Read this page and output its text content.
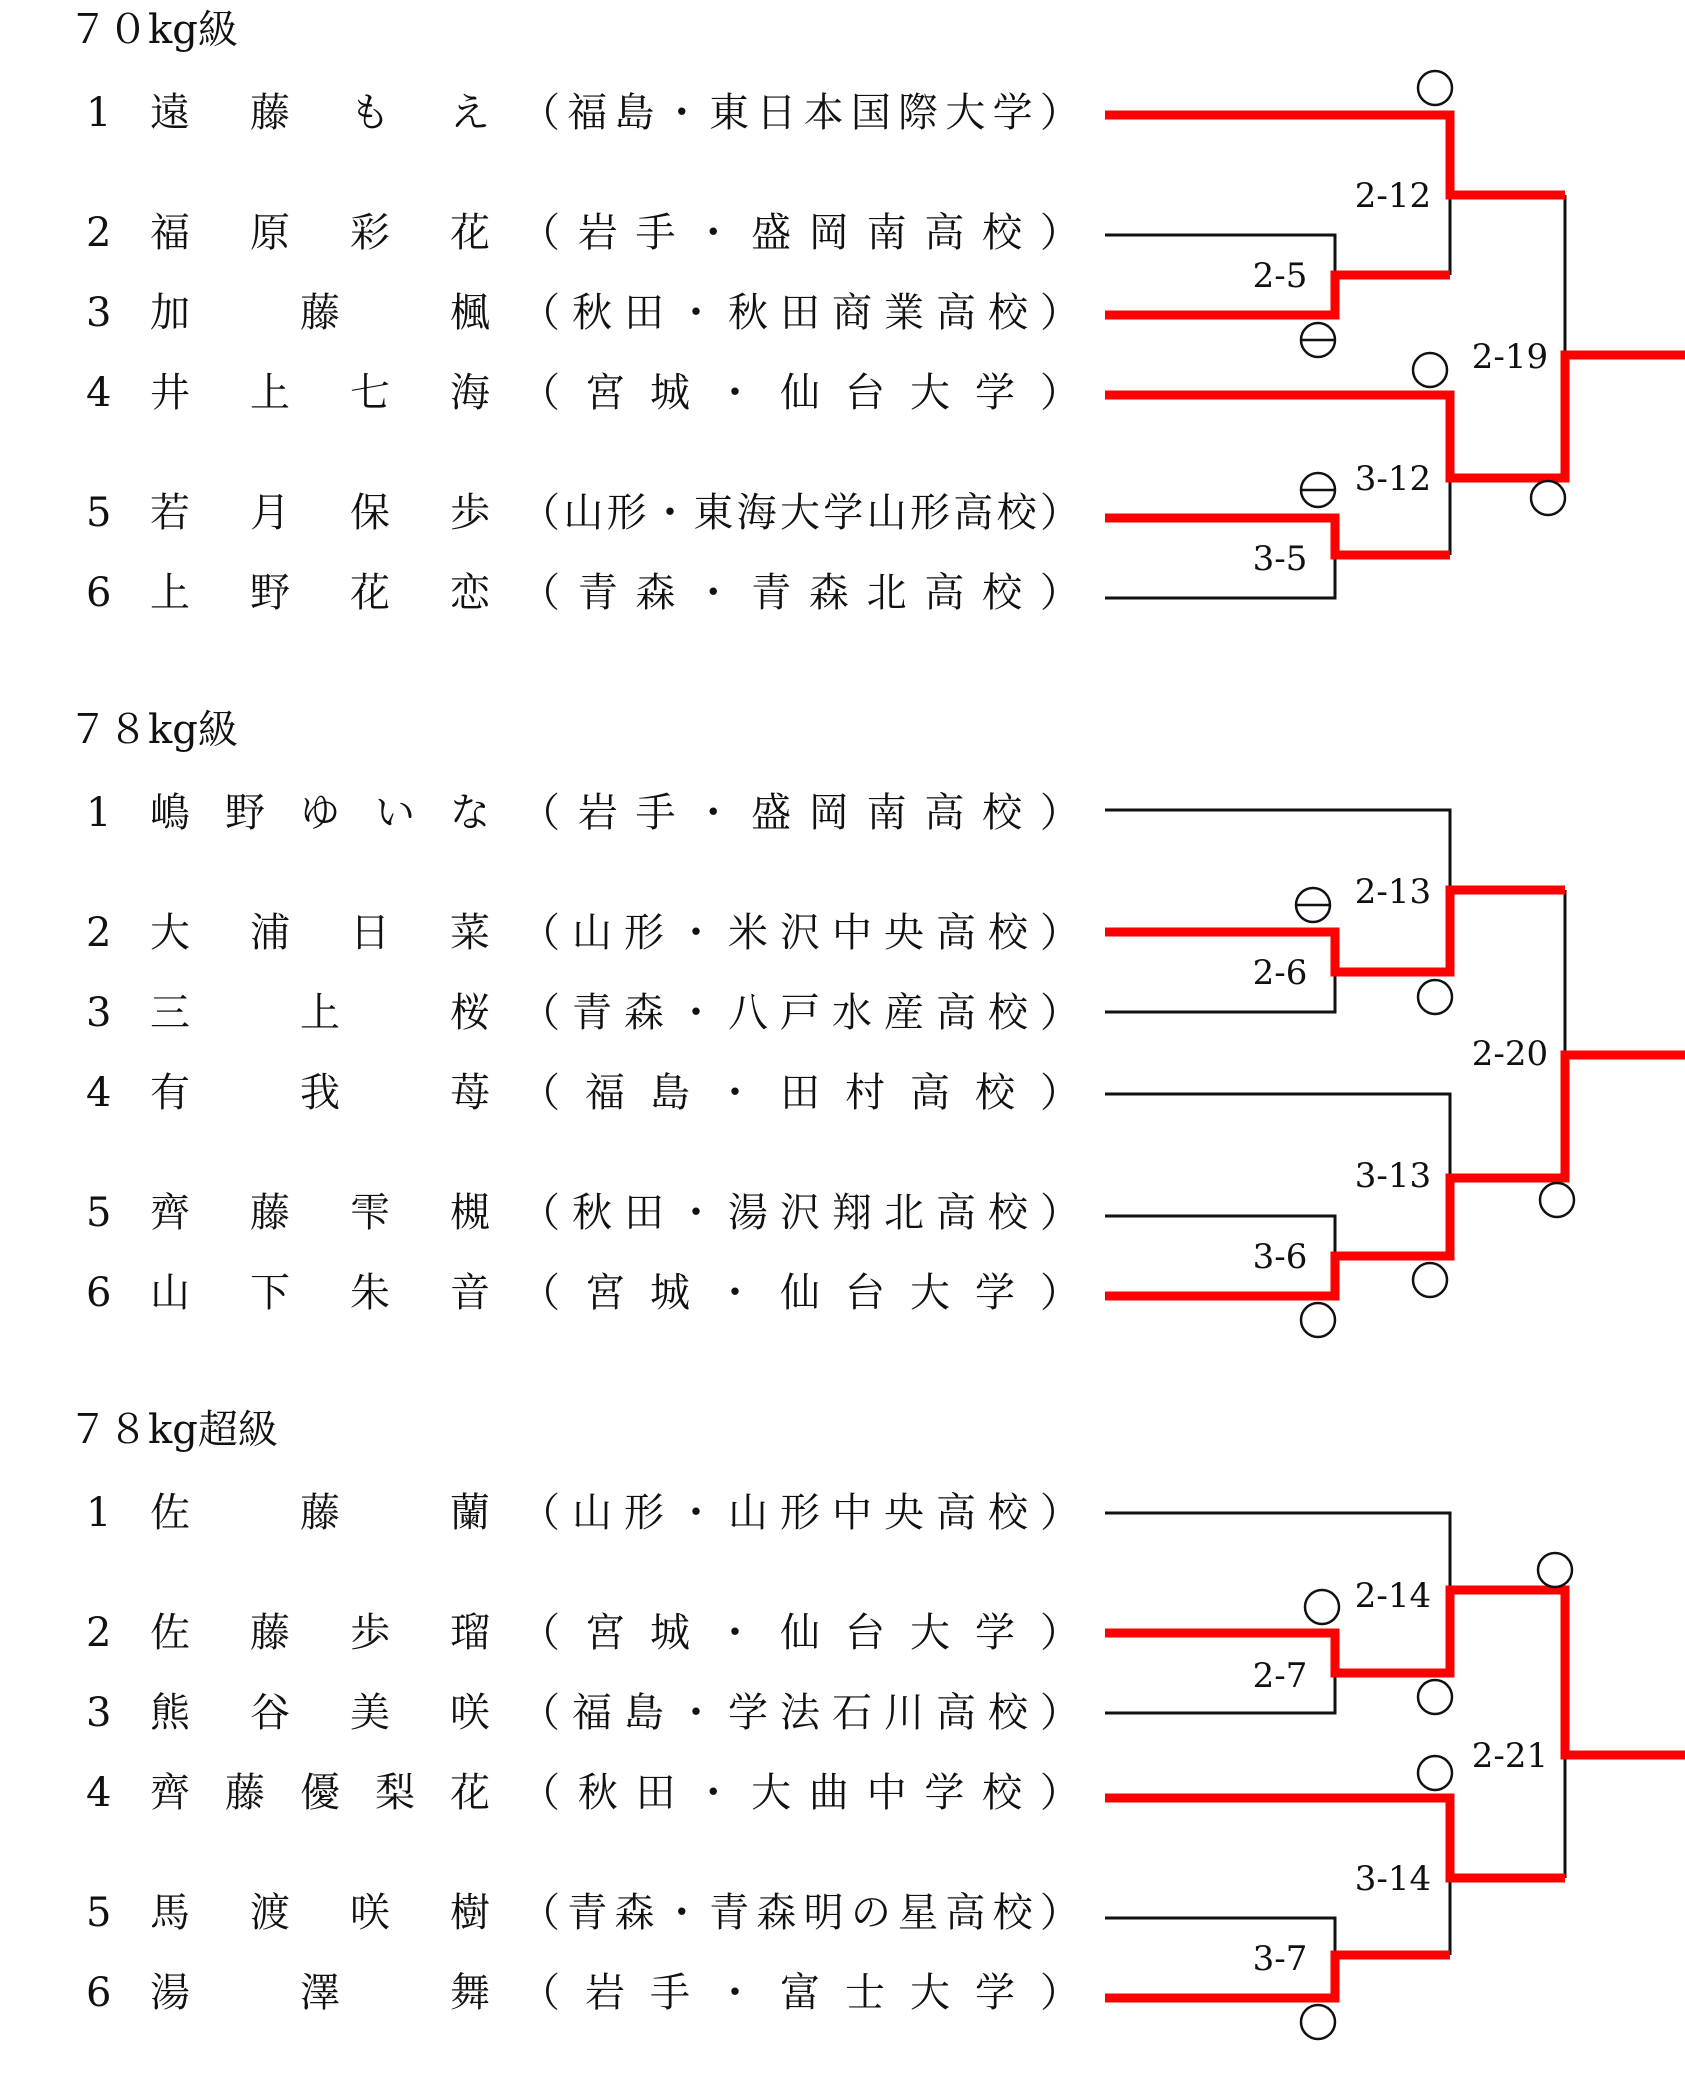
７０kg級
1 遠 藤 も え （ 福 島 ・ 東 日 本 国 際 大 学 ）
2 福 原 彩 花 （ 岩 手 ・ 盛 岡 南 高 校 ）
3 加	藤	楓 （ 秋 田 ・ 秋 田 商 業 高 校 ）
4 井 上 七 海 （ 宮 城 ・ 仙 台 大 学 ）
5 若 月 保 歩 （ 山 形 ・ 東 海 大 学 山 形 高 校 ）
6 上 野 花 恋 （ 青 森 ・ 青 森 北 高 校 ）
2-5
2-12
3-5
3-12
2-19
７８kg級
1 嶋 野 ゆ い な （ 岩 手 ・ 盛 岡 南 高 校 ）
2 大 浦 日 菜 （ 山 形 ・ 米 沢 中 央 高 校 ）
3 三	上	桜 （ 青 森 ・ 八 戸 水 産 高 校 ）
4 有	我	苺 （ 福 島 ・ 田 村 高 校 ）
5 齊 藤 雫 槻 （ 秋 田 ・ 湯 沢 翔 北 高 校 ）
6 山 下 朱 音 （ 宮 城 ・ 仙 台 大 学 ）
2-6
2-13
3-6
3-13
2-20
７８kg超級
1 佐	藤	蘭 （ 山 形 ・ 山 形 中 央 高 校 ）
2 佐 藤 歩 瑠 （ 宮 城 ・ 仙 台 大 学 ）
3 熊 谷 美 咲 （ 福 島 ・ 学 法 石 川 高 校 ）
4 齊 藤 優 梨 花 （ 秋 田 ・ 大 曲 中 学 校 ）
5 馬 渡 咲 樹 （ 青 森 ・ 青 森 明 の 星 高 校 ）
6 湯	澤	舞 （ 岩 手 ・ 富 士 大 学 ）
2-7
2-14
3-7
3-14
2-21
